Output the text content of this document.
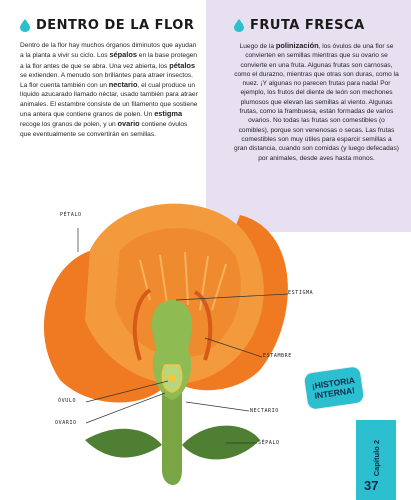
DENTRO DE LA FLOR
Dentro de la flor hay muchos órganos diminutos que ayudan a la planta a vivir su ciclo. Los sépalos en la base protegen a la flor antes de que se abra. Una vez abierta, los pétalos se extienden. A menudo son brillantes para atraer insectos. La flor cuenta también con un nectario, el cual produce un líquido azucarado llamado néctar, usado también para atraer animales. El estambre consiste de un filamento que sostiene una antera que contiene granos de polen. Un estigma recoge los granos de polen, y un ovario contiene óvulos que eventualmente se convertirán en semillas.
FRUTA FRESCA
Luego de la polinización, los óvulos de una flor se convierten en semillas mientras que su ovario se convierte en una fruta. Algunas frutas son carnosas, como el durazno, mientras que otras son duras, como la nuez. ¡Y algunas no parecen frutas para nada! Por ejemplo, los frutos del diente de león son mechones plumosos que elevan las semillas al viento. Algunas frutas, como la frambuesa, están formadas de varios ovarios. No todas las frutas son comestibles (o comibles), porque son venenosas o secas. Las frutas comestibles son muy útiles para esparcir semillas a gran distancia, cuando son comidas (y luego defecadas) por animales, desde aves hasta monos.
PÉTALO
ESTIGMA
ESTAMBRE
ÓVULO
OVARIO
NECTARIO
SÉPALO
¡HISTORIA INTERNA!
Capítulo 2
37
